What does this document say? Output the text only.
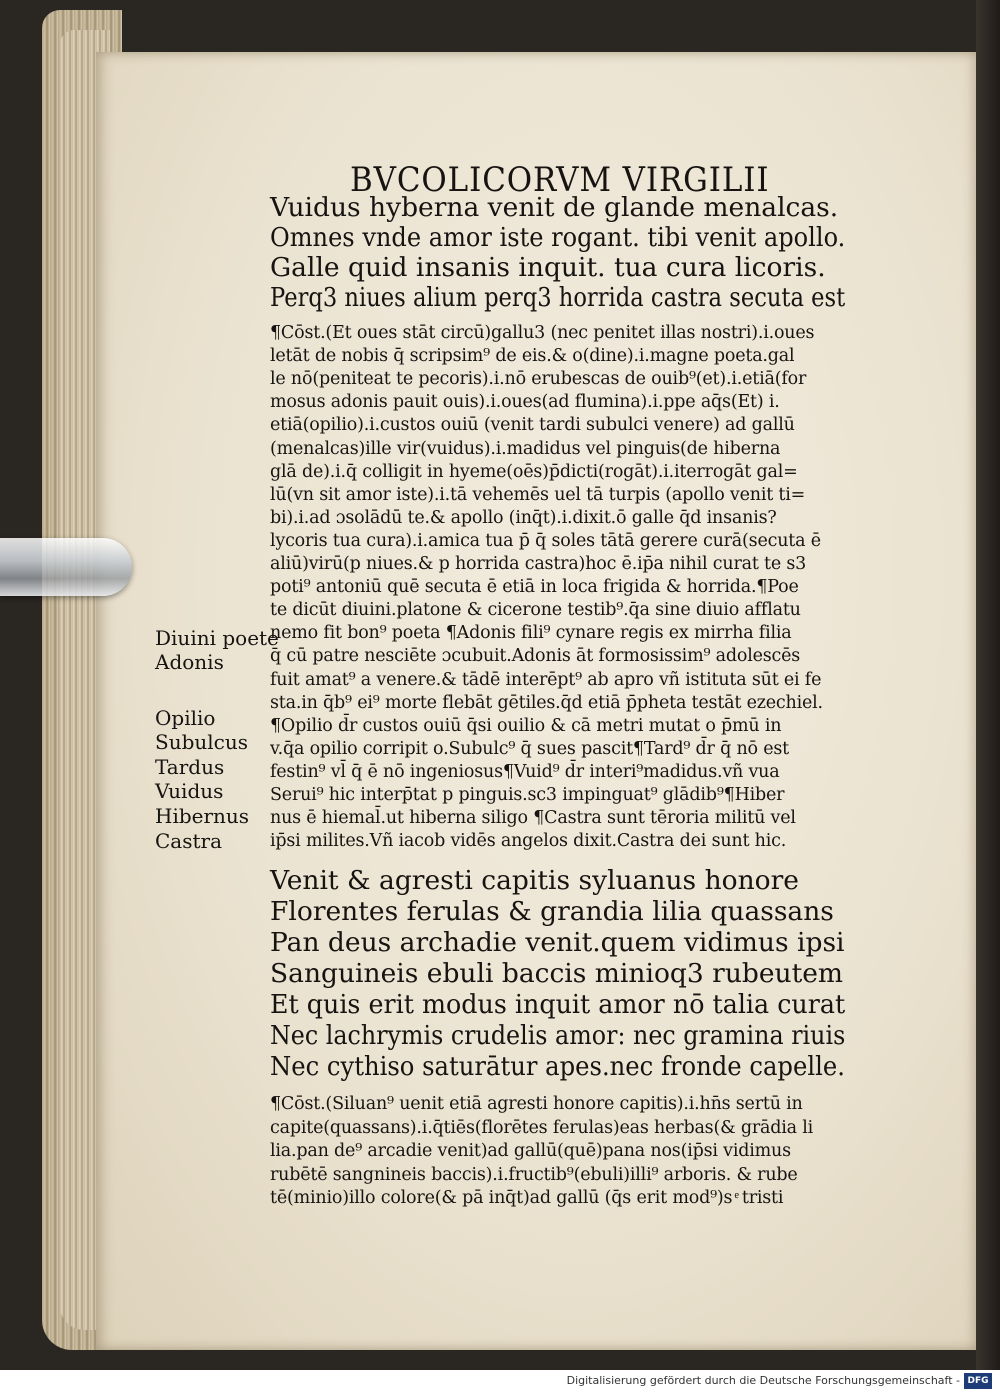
BVCOLICORVM VIRGILII
Vuidus hyberna venit de glande menalcas.
Omnes vnde amor iste rogant. tibi venit apollo.
Galle quid insanis inquit. tua cura licoris.
Perq3 niues alium perq3 horrida castra secuta est
¶Cōst.(Et oues stāt circū)gallu3 (nec penitet illas nostri).i.oues
letāt de nobis q̄ scripsim⁹ de eis.& o(dine).i.magne poeta.gal
le nō(peniteat te pecoris).i.nō erubescas de ouib⁹(et).i.etiā(for
mosus adonis pauit ouis).i.oues(ad flumina).i.ppe aq̄s(Et) i.
etiā(opilio).i.custos ouiū (venit tardi subulci venere) ad gallū
(menalcas)ille vir(vuidus).i.madidus vel pinguis(de hiberna
glā de).i.q̄ colligit in hyeme(oēs)p̄dicti(rogāt).i.iterrogāt gal=
lū(vn sit amor iste).i.tā vehemēs uel tā turpis (apollo venit ti=
bi).i.ad ɔsolādū te.& apollo (inq̄t).i.dixit.ō galle q̄d insanis?
lycoris tua cura).i.amica tua p̄ q̄ soles tātā gerere curā(secuta ē
aliū)virū(p niues.& p horrida castra)hoc ē.ip̄a nihil curat te s3
poti⁹ antoniū quē secuta ē etiā in loca frigida & horrida.¶Poe
te dicūt diuini.platone & cicerone testib⁹.q̄a sine diuio afflatu
nemo fit bon⁹ poeta ¶Adonis fili⁹ cynare regis ex mirrha filia
q̄ cū patre nesciēte ɔcubuit.Adonis āt formosissim⁹ adolescēs
fuit amat⁹ a venere.& tādē interēpt⁹ ab apro vñ istituta sūt ei fe
sta.in q̄b⁹ ei⁹ morte flebāt gētiles.q̄d etiā p̄pheta testāt ezechiel.
¶Opilio d̄r custos ouiū q̄si ouilio & cā metri mutat o p̄mū in
v.q̄a opilio corripit o.Subulc⁹ q̄ sues pascit¶Tard⁹ d̄r q̄ nō est
festin⁹ vl̄ q̄ ē nō ingeniosus¶Vuid⁹ d̄r interi⁹madidus.vñ vua
Serui⁹ hic interp̄tat p pinguis.sc3 impinguat⁹ glādib⁹¶Hiber
nus ē hiemal̄.ut hiberna siligo ¶Castra sunt tēroria militū vel
ip̄si milites.Vñ iacob vidēs angelos dixit.Castra dei sunt hic.
Diuini poete
Adonis
Opilio
Subulcus
Tardus
Vuidus
Hibernus
Castra
Venit & agresti capitis syluanus honore
Florentes ferulas & grandia lilia quassans
Pan deus archadie venit.quem vidimus ipsi
Sanguineis ebuli baccis minioq3 rubeutem
Et quis erit modus inquit amor nō talia curat
Nec lachrymis crudelis amor: nec gramina riuis
Nec cythiso saturātur apes.nec fronde capelle.
¶Cōst.(Siluan⁹ uenit etiā agresti honore capitis).i.hn̄s sertū in
capite(quassans).i.q̄tiēs(florētes ferulas)eas herbas(& grādia li
lia.pan de⁹ arcadie venit)ad gallū(quē)pana nos(ip̄si vidimus
rubētē sangnineis baccis).i.fructib⁹(ebuli)illi⁹ arboris. & rube
tē(minio)illo colore(& pā inq̄t)ad gallū (q̄s erit mod⁹)s ͤ tristi
Digitalisierung gefördert durch die Deutsche Forschungsgemeinschaft - DFG
